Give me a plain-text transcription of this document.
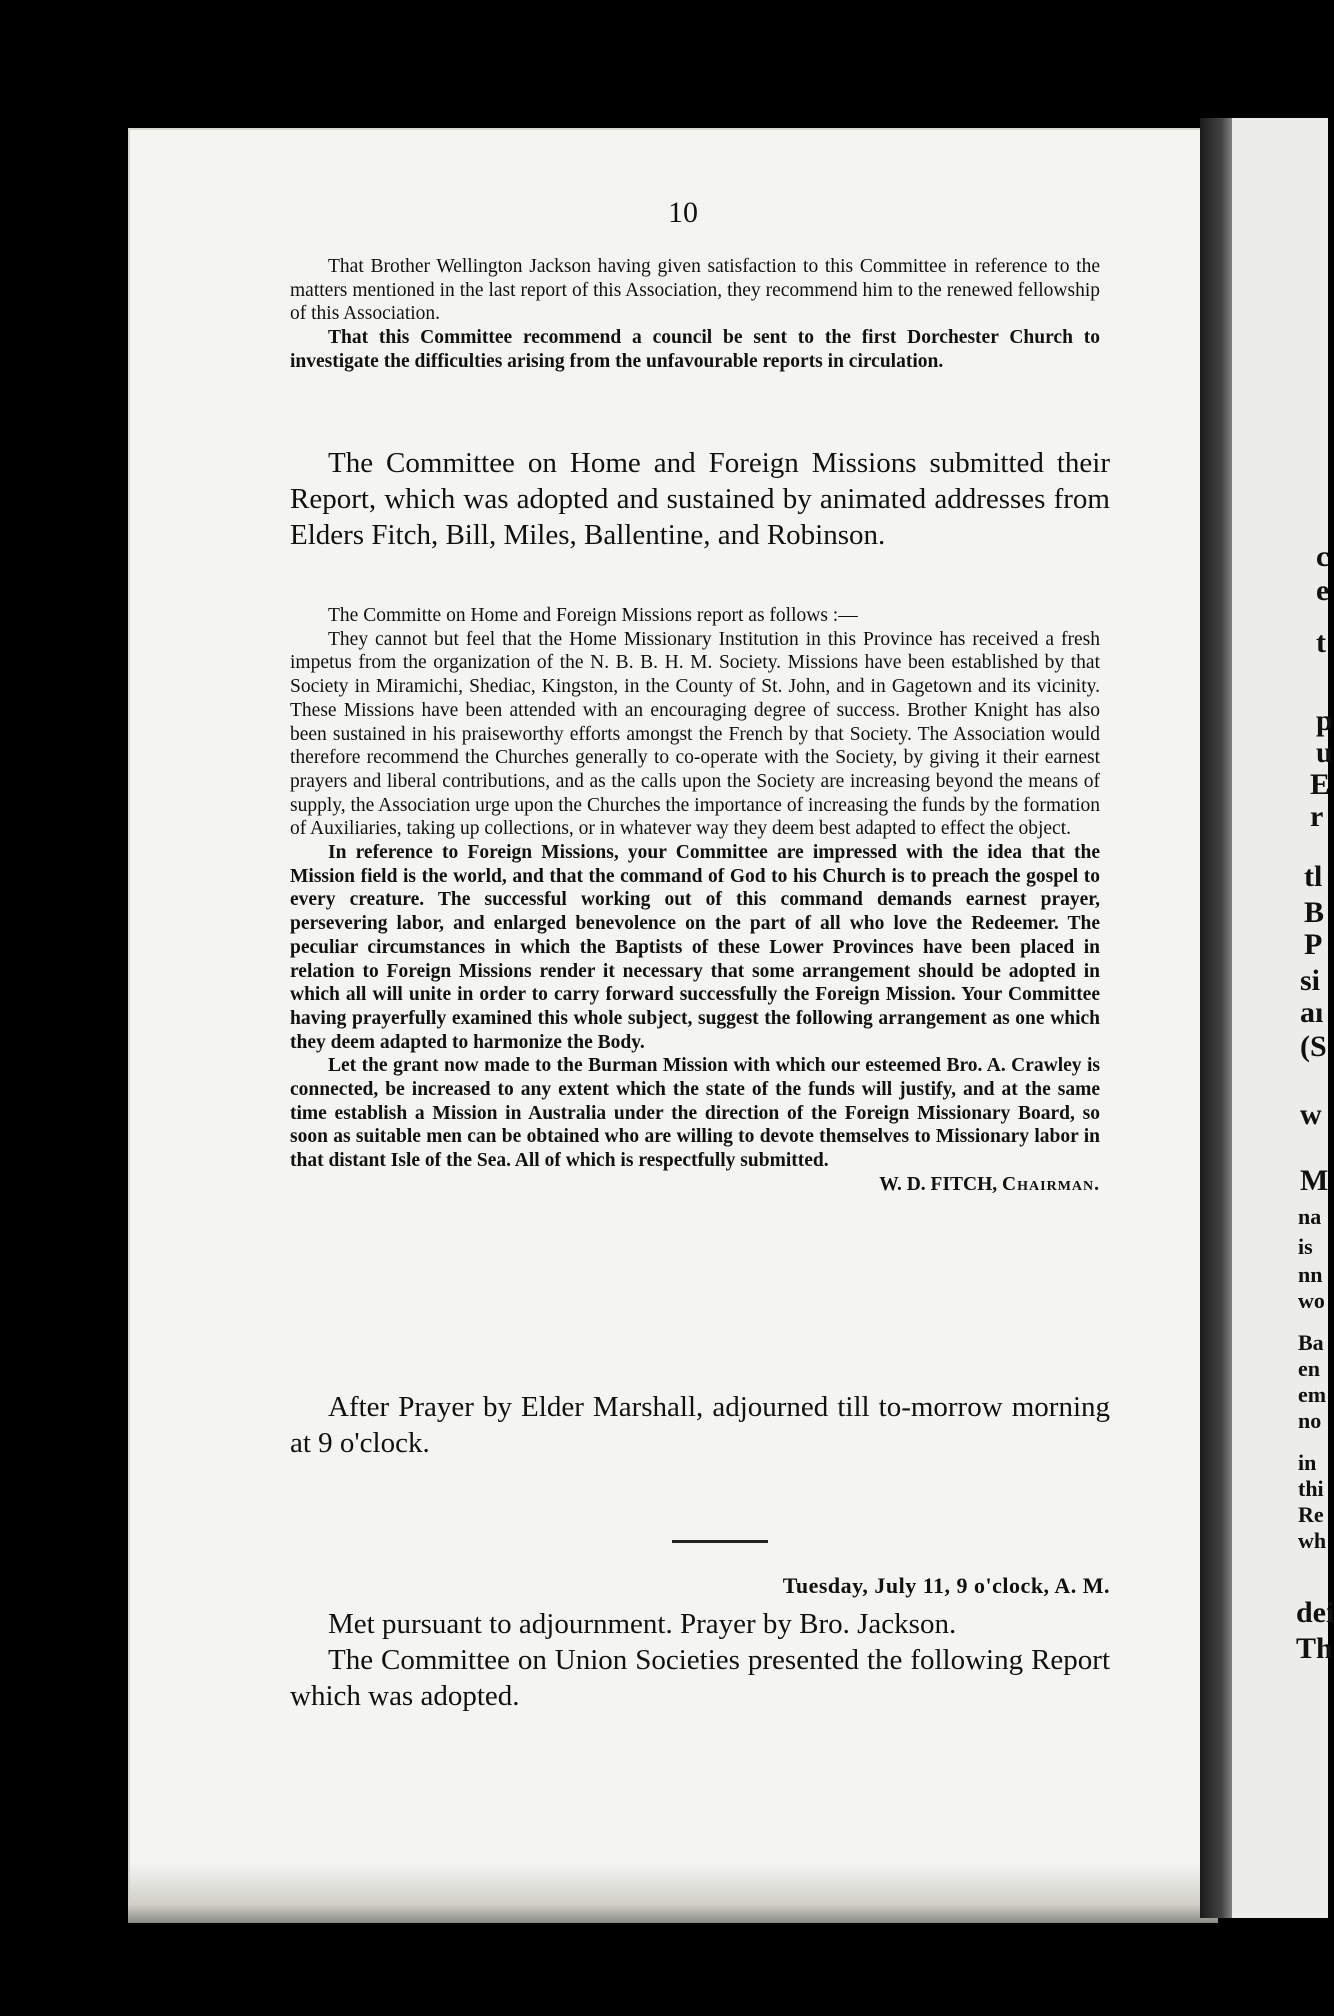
c
e
t
p
u
E
r
tl
B
P
si
aı
(S
w
M
na
is
nn
wo
Ba
en
em
no
in
thi
Re
wh
dei
Th
10

That Brother Wellington Jackson having given satisfaction to this Committee in reference to the matters mentioned in the last report of this Association, they recommend him to the renewed fellowship of this Association.

That this Committee recommend a council be sent to the first Dorchester Church to investigate the difficulties arising from the unfavourable reports in circulation.

The Committee on Home and Foreign Missions submitted their Report, which was adopted and sustained by animated addresses from Elders Fitch, Bill, Miles, Ballentine, and Robinson.

The Committe on Home and Foreign Missions report as follows :—

They cannot but feel that the Home Missionary Institution in this Province has received a fresh impetus from the organization of the N. B. B. H. M. Society. Missions have been established by that Society in Miramichi, Shediac, Kingston, in the County of St. John, and in Gagetown and its vicinity. These Missions have been attended with an encouraging degree of success. Brother Knight has also been sustained in his praiseworthy efforts amongst the French by that Society. The Association would therefore recommend the Churches generally to co-operate with the Society, by giving it their earnest prayers and liberal contributions, and as the calls upon the Society are increasing beyond the means of supply, the Association urge upon the Churches the importance of increasing the funds by the formation of Auxiliaries, taking up collections, or in whatever way they deem best adapted to effect the object.

In reference to Foreign Missions, your Committee are impressed with the idea that the Mission field is the world, and that the command of God to his Church is to preach the gospel to every creature. The successful working out of this command demands earnest prayer, persevering labor, and enlarged benevolence on the part of all who love the Redeemer. The peculiar circumstances in which the Baptists of these Lower Provinces have been placed in relation to Foreign Missions render it necessary that some arrangement should be adopted in which all will unite in order to carry forward successfully the Foreign Mission. Your Committee having prayerfully examined this whole subject, suggest the following arrangement as one which they deem adapted to harmonize the Body.

Let the grant now made to the Burman Mission with which our esteemed Bro. A. Crawley is connected, be increased to any extent which the state of the funds will justify, and at the same time establish a Mission in Australia under the direction of the Foreign Missionary Board, so soon as suitable men can be obtained who are willing to devote themselves to Missionary labor in that distant Isle of the Sea. All of which is respectfully submitted.

W. D. FITCH, Chairman.

After Prayer by Elder Marshall, adjourned till to-morrow morning at 9 o'clock.

Tuesday, July 11, 9 o'clock, A. M.

Met pursuant to adjournment. Prayer by Bro. Jackson.

The Committee on Union Societies presented the following Report which was adopted.
